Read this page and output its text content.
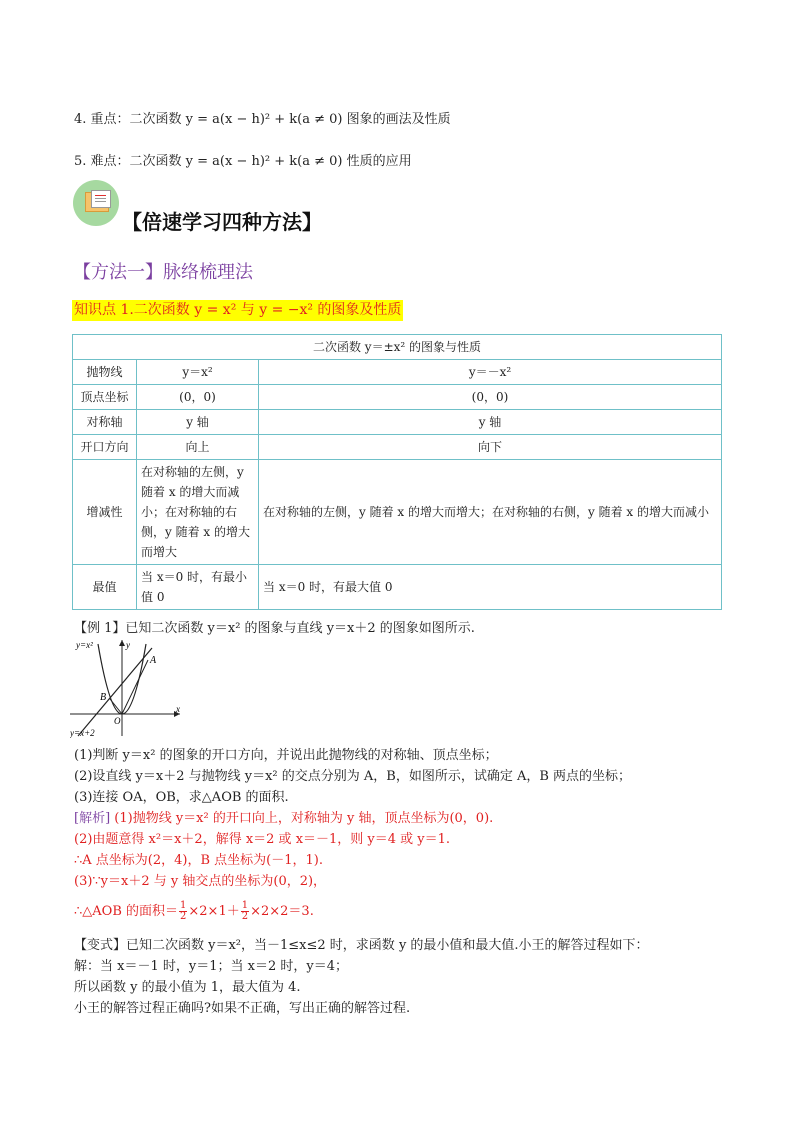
4. 重点：二次函数 y = a(x − h)² + k(a ≠ 0) 图象的画法及性质
5. 难点：二次函数 y = a(x − h)² + k(a ≠ 0) 性质的应用
【倍速学习四种方法】
【方法一】脉络梳理法
知识点 1.二次函数 y = x² 与 y = −x² 的图象及性质
二次函数 y＝±x² 的图象与性质		
抛物线	y＝x²	y＝－x²
顶点坐标	(0，0)	(0，0)
对称轴	y 轴	y 轴
开口方向	向上	向下
增减性	在对称轴的左侧，y 随着 x 的增大而减小；在对称轴的右侧，y 随着 x 的增大而增大	在对称轴的左侧，y 随着 x 的增大而增大；在对称轴的右侧，y 随着 x 的增大而减小
最值	当 x＝0 时，有最小值 0	当 x＝0 时，有最大值 0
【例 1】已知二次函数 y＝x² 的图象与直线 y＝x＋2 的图象如图所示.
y=x²	y
A
B
O
x
y=x+2
(1)判断 y＝x² 的图象的开口方向，并说出此抛物线的对称轴、顶点坐标；
(2)设直线 y＝x＋2 与抛物线 y＝x² 的交点分别为 A，B，如图所示，试确定 A，B 两点的坐标；
(3)连接 OA，OB，求△AOB 的面积.
[解析] (1)抛物线 y＝x² 的开口向上，对称轴为 y 轴，顶点坐标为(0，0).
(2)由题意得 x²＝x＋2，解得 x＝2 或 x＝－1，则 y＝4 或 y＝1.
∴A 点坐标为(2，4)，B 点坐标为(－1，1).
(3)∵y＝x＋2 与 y 轴交点的坐标为(0，2)，
∴△AOB 的面积＝ $\frac{1}{2} \times 2\times 1+ \frac{1}{2} \times 2\times 2=3$.
【变式】已知二次函数 y＝x²，当－1≤x≤2 时，求函数 y 的最小值和最大值.小王的解答过程如下：
解：当 x＝－1 时，y＝1；当 x＝2 时，y＝4；
所以函数 y 的最小值为 1，最大值为 4.
小王的解答过程正确吗?如果不正确，写出正确的解答过程.
